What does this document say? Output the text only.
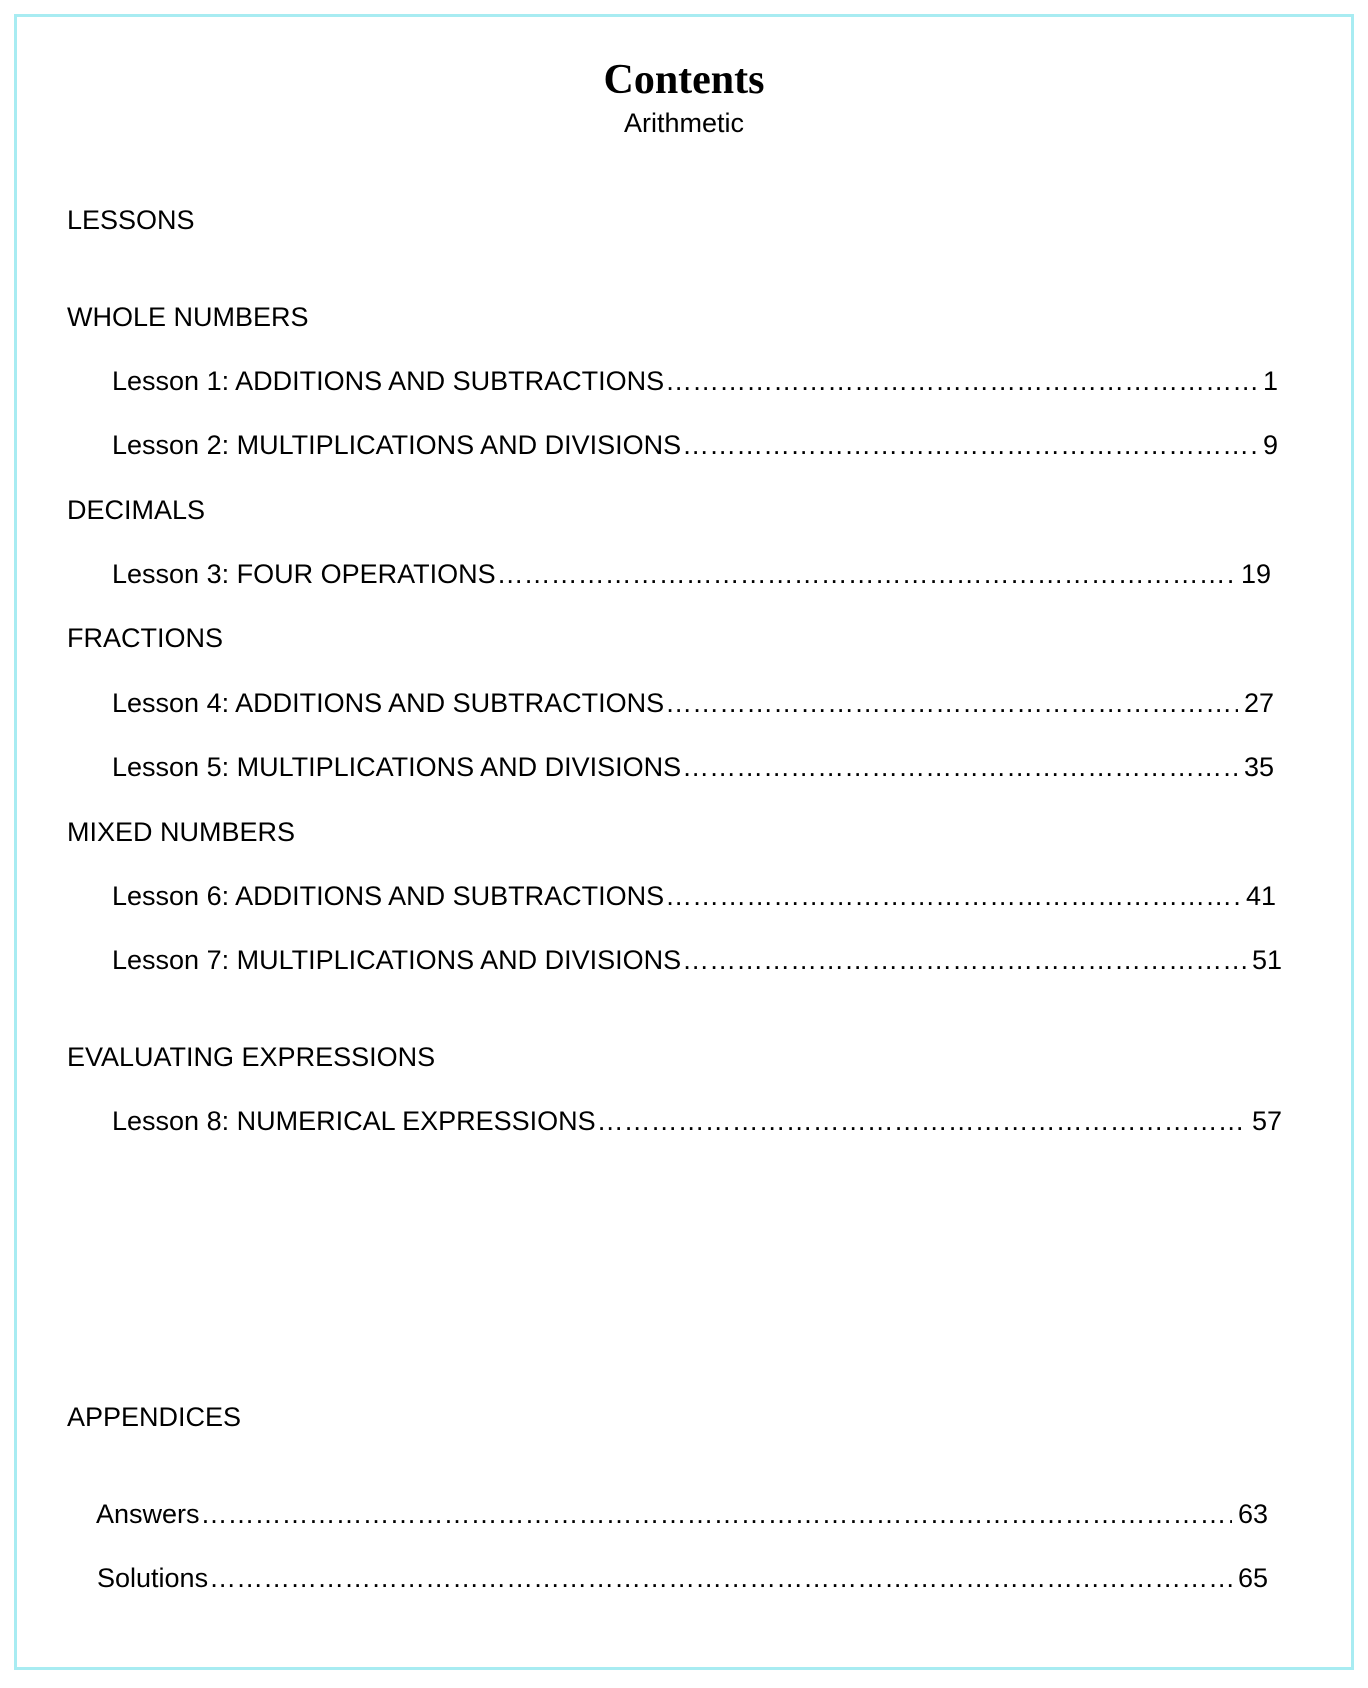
Contents
Arithmetic
LESSONS
WHOLE NUMBERS
Lesson 1: ADDITIONS AND SUBTRACTIONS ……………………………………………………………………………………………………………………………………………………………………………………………………………………	1
Lesson 2: MULTIPLICATIONS AND DIVISIONS ……………………………………………………………………………………………………………………………………………………………………………………………………………………	9
DECIMALS
Lesson 3: FOUR OPERATIONS ……………………………………………………………………………………………………………………………………………………………………………………………………………………	19
FRACTIONS
Lesson 4: ADDITIONS AND SUBTRACTIONS ……………………………………………………………………………………………………………………………………………………………………………………………………………………	27
Lesson 5: MULTIPLICATIONS AND DIVISIONS ……………………………………………………………………………………………………………………………………………………………………………………………………………………	35
MIXED NUMBERS
Lesson 6: ADDITIONS AND SUBTRACTIONS ……………………………………………………………………………………………………………………………………………………………………………………………………………………	41
Lesson 7: MULTIPLICATIONS AND DIVISIONS ……………………………………………………………………………………………………………………………………………………………………………………………………………………	51
EVALUATING EXPRESSIONS
Lesson 8: NUMERICAL EXPRESSIONS ……………………………………………………………………………………………………………………………………………………………………………………………………………………	57
APPENDICES
Answers ……………………………………………………………………………………………………………………………………………………………………………………………………………………	63
Solutions ……………………………………………………………………………………………………………………………………………………………………………………………………………………	65
